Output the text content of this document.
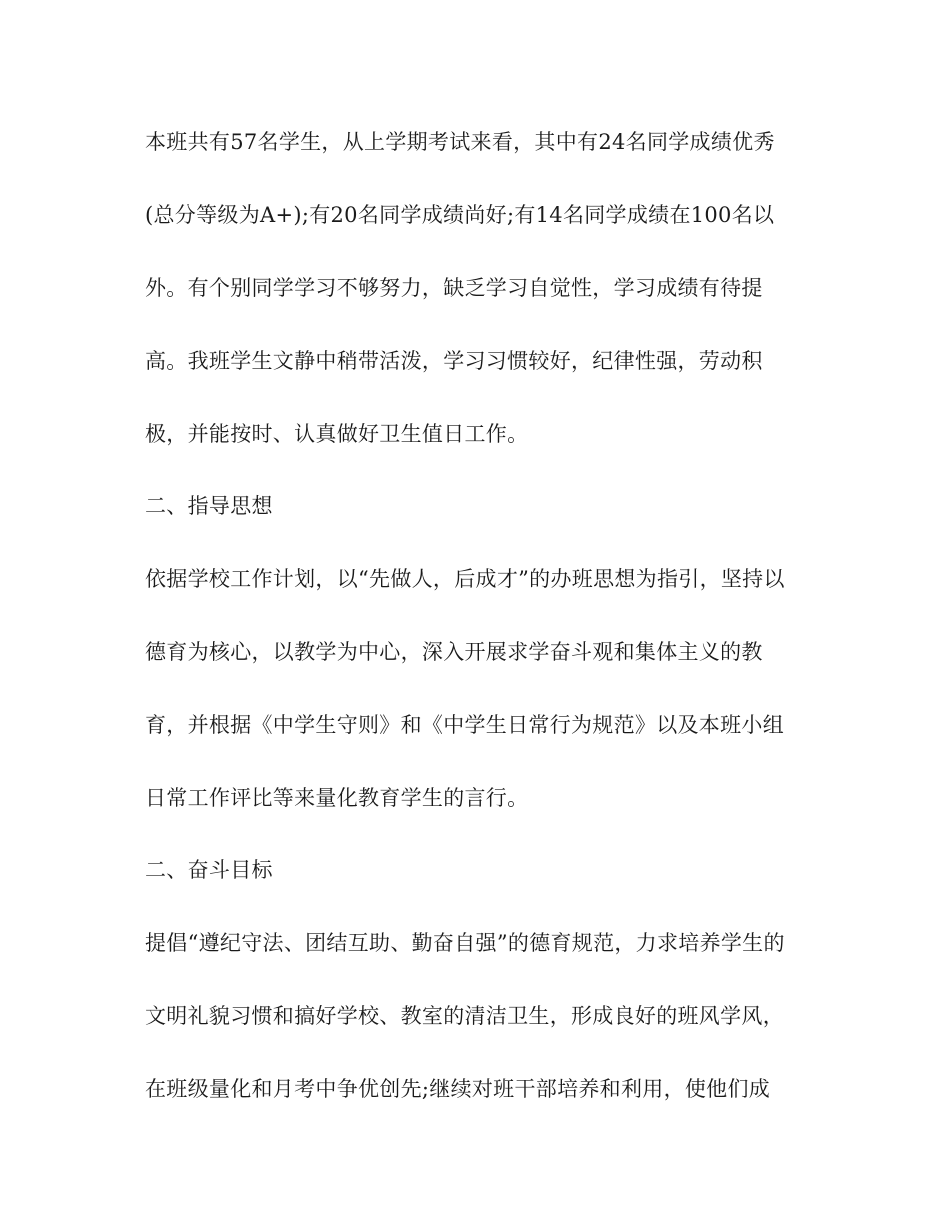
本班共有57名学生，从上学期考试来看，其中有24名同学成绩优秀
(总分等级为A+);有20名同学成绩尚好;有14名同学成绩在100名以
外。有个别同学学习不够努力，缺乏学习自觉性，学习成绩有待提
高。我班学生文静中稍带活泼，学习习惯较好，纪律性强，劳动积
极，并能按时、认真做好卫生值日工作。
二、指导思想
依据学校工作计划，以“先做人，后成才”的办班思想为指引，坚持以
德育为核心，以教学为中心，深入开展求学奋斗观和集体主义的教
育，并根据《中学生守则》和《中学生日常行为规范》以及本班小组
日常工作评比等来量化教育学生的言行。
二、奋斗目标
提倡“遵纪守法、团结互助、勤奋自强”的德育规范，力求培养学生的
文明礼貌习惯和搞好学校、教室的清洁卫生，形成良好的班风学风，
在班级量化和月考中争优创先;继续对班干部培养和利用，使他们成
